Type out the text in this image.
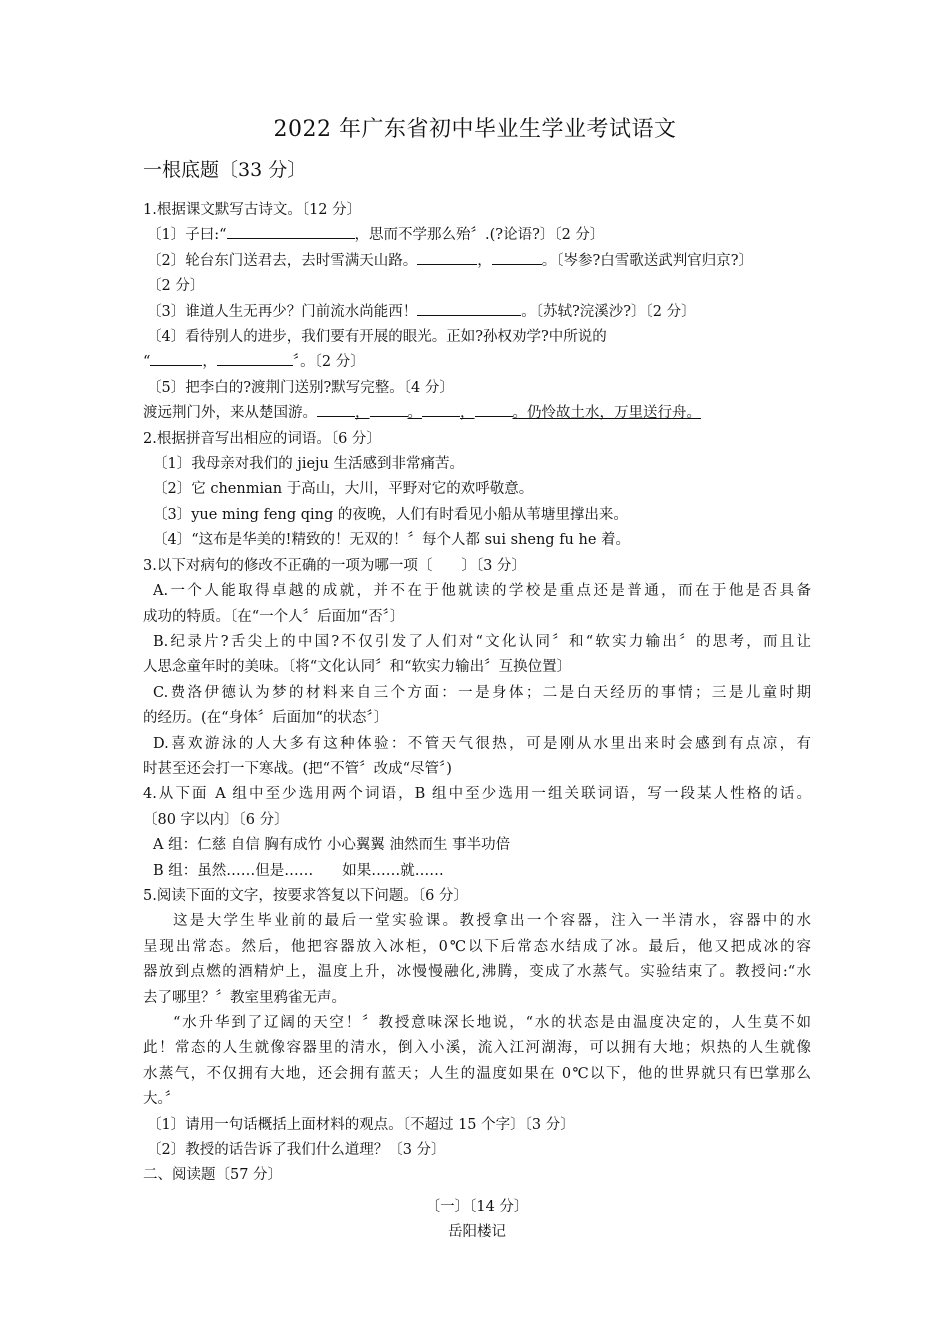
2022 年广东省初中毕业生学业考试语文
一根底题〔33 分〕
1.根据课文默写古诗文。〔12 分〕
〔1〕子曰:“	，思而不学那么殆〞.(?论语?〕〔2 分〕
〔2〕轮台东门送君去，去时雪满天山路。	，	。〔岑参?白雪歌送武判官归京?〕
〔2 分〕
〔3〕谁道人生无再少？门前流水尚能西！	。〔苏轼?浣溪沙?〕〔2 分〕
〔4〕看待别人的进步，我们要有开展的眼光。正如?孙权劝学?中所说的
“	，	〞。〔2 分〕
〔5〕把李白的?渡荆门送别?默写完整。〔4 分〕
渡远荆门外，来从楚国游。	，	。	，	。仍怜故土水，万里送行舟。
2.根据拼音写出相应的词语。〔6 分〕
〔1〕我母亲对我们的 jieju 生活感到非常痛苦。
〔2〕它 chenmian 于高山，大川，平野对它的欢呼敬意。
〔3〕yue ming feng qing 的夜晚，人们有时看见小船从苇塘里撑出来。
〔4〕“这布是华美的!精致的！无双的！〞每个人都 sui sheng fu he 着。
3.以下对病句的修改不正确的一项为哪一项〔　　〕〔3 分〕
A.一个人能取得卓越的成就，并不在于他就读的学校是重点还是普通，而在于他是否具备
成功的特质。〔在“一个人〞后面加“否〞〕
B.纪录片?舌尖上的中国?不仅引发了人们对“文化认同〞和“软实力输出〞的思考，而且让
人思念童年时的美味。〔将“文化认同〞和“软实力输出〞互换位置〕
C.费洛伊德认为梦的材料来自三个方面：一是身体；二是白天经历的事情；三是儿童时期
的经历。(在“身体〞后面加“的状态〞〕
D.喜欢游泳的人大多有这种体验：不管天气很热，可是刚从水里出来时会感到有点凉，有
时甚至还会打一下寒战。(把“不管〞改成“尽管〞)
4.从下面 A 组中至少选用两个词语，B 组中至少选用一组关联词语，写一段某人性格的话。
〔80 字以内〕〔6 分〕
A 组：仁慈 自信 胸有成竹 小心翼翼 油然而生 事半功倍
B 组：虽然……但是……　　如果……就……
5.阅读下面的文字，按要求答复以下问题。〔6 分〕
这是大学生毕业前的最后一堂实验课。教授拿出一个容器，注入一半清水，容器中的水
呈现出常态。然后，他把容器放入冰柜，0℃以下后常态水结成了冰。最后，他又把成冰的容
器放到点燃的酒精炉上，温度上升，冰慢慢融化,沸腾，变成了水蒸气。实验结束了。教授问:“水
去了哪里？〞教室里鸦雀无声。
“水升华到了辽阔的天空！〞教授意味深长地说，“水的状态是由温度决定的，人生莫不如
此！常态的人生就像容器里的清水，倒入小溪，流入江河湖海，可以拥有大地；炽热的人生就像
水蒸气，不仅拥有大地，还会拥有蓝天；人生的温度如果在 0℃以下，他的世界就只有巴掌那么
大。〞
〔1〕请用一句话概括上面材料的观点。〔不超过 15 个字〕〔3 分〕
〔2〕教授的话告诉了我们什么道理？〔3 分〕
二、阅读题〔57 分〕
〔一〕〔14 分〕
岳阳楼记
